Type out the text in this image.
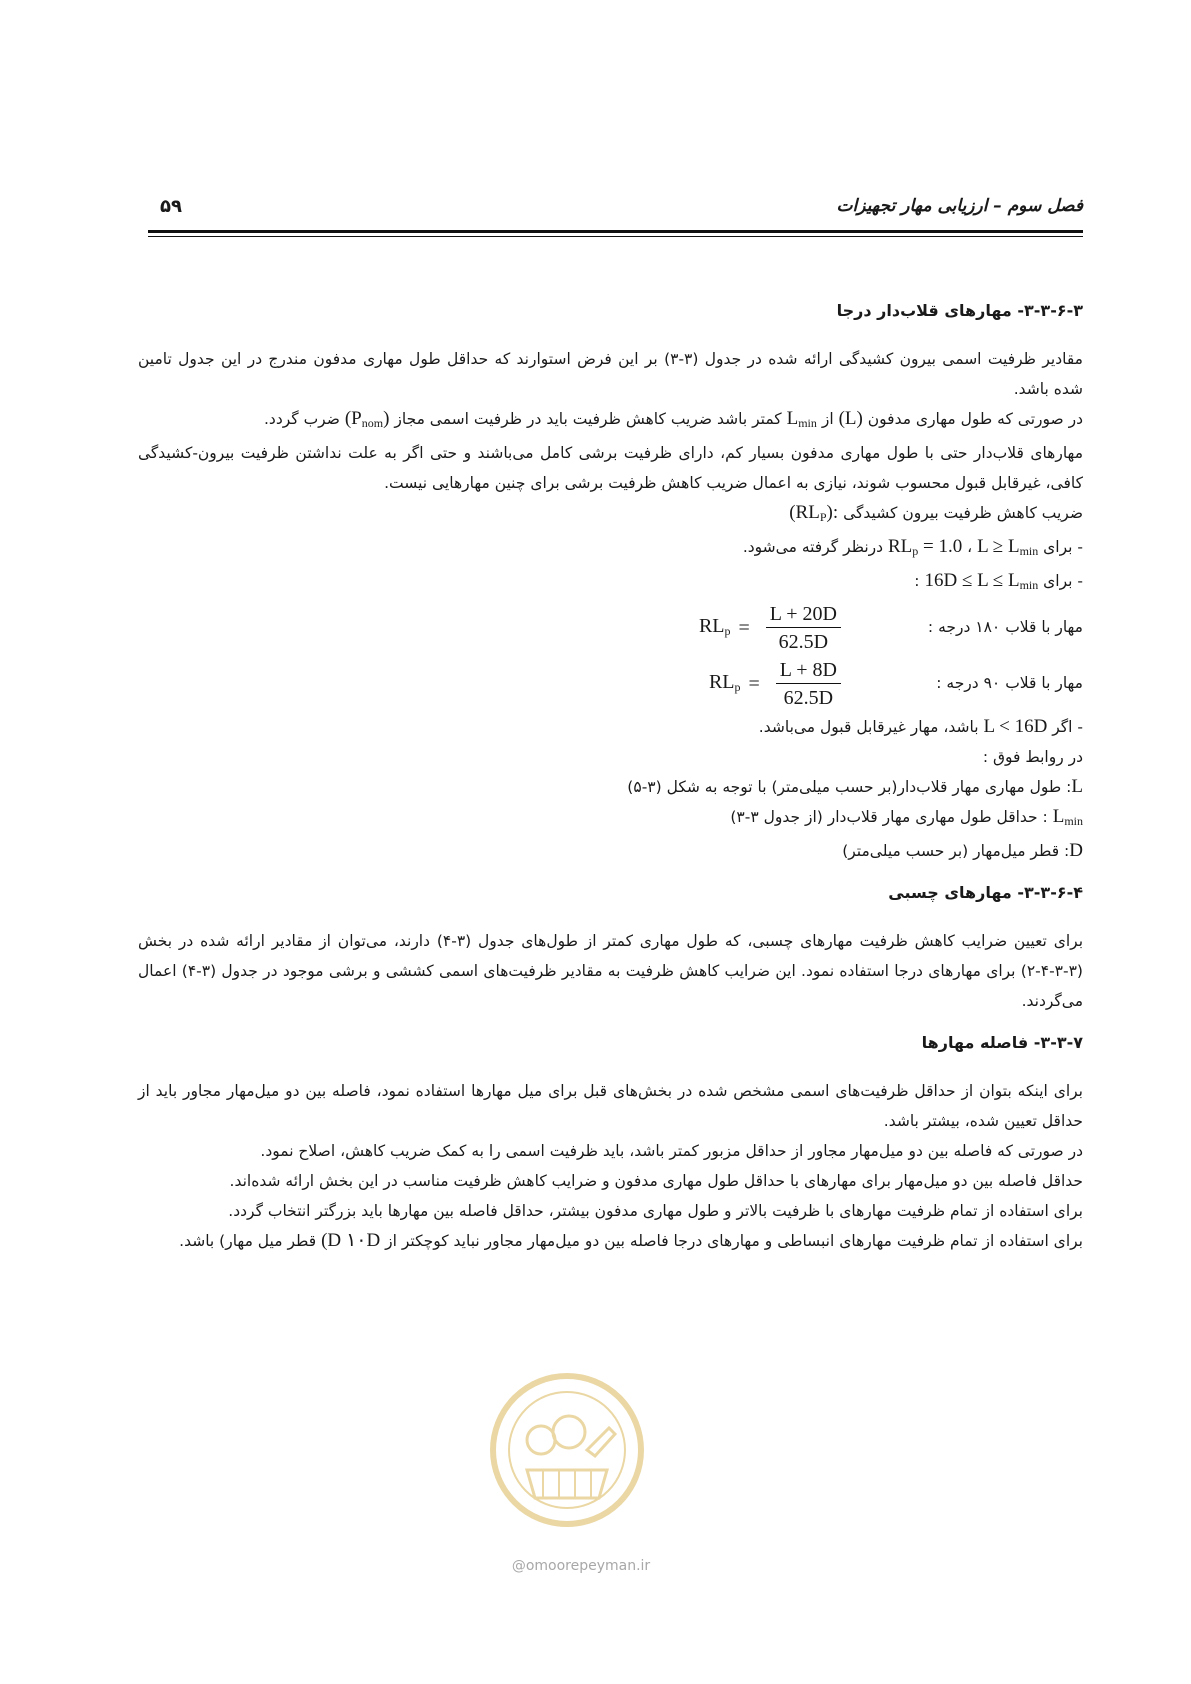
فصل سوم – ارزیابی مهار تجهیزات
۵۹
۳-۳-۶-۳- مهارهای قلاب‌دار درجا

مقادیر ظرفیت اسمی بیرون کشیدگی ارائه شده در جدول (۳-۳) بر این فرض استوارند که حداقل طول مهاری مدفون مندرج در این جدول تامین شده باشد.

در صورتی که طول مهاری مدفون (L) از $L_{min}$ کمتر باشد ضریب کاهش ظرفیت باید در ظرفیت اسمی مجاز $(P_{nom})$ ضرب گردد.

مهارهای قلاب‌دار حتی با طول مهاری مدفون بسیار کم، دارای ظرفیت برشی کامل می‌باشند و حتی اگر به علت نداشتن ظرفیت بیرون-کشیدگی کافی، غیرقابل قبول محسوب شوند، نیازی به اعمال ضریب کاهش ظرفیت برشی برای چنین مهارهایی نیست.

ضریب کاهش ظرفیت بیرون کشیدگی $(RL_P)$:

- برای $L \ge L_{min}$ ، $RL_p = 1.0$ درنظر گرفته می‌شود.

- برای $16D \le L \le L_{min}$ :

مهار با قلاب ۱۸۰ درجه :
$RL_p = \frac{L + 20D}{62.5D}$
مهار با قلاب ۹۰ درجه :
$RL_p = \frac{L + 8D}{62.5D}$

- اگر L < 16D باشد، مهار غیرقابل قبول می‌باشد.

در روابط فوق :

L: طول مهاری مهار قلاب‌دار(بر حسب میلی‌متر) با توجه به شکل (۳-۵)

$L_{min}$ : حداقل طول مهاری مهار قلاب‌دار (از جدول ۳-۳)

D: قطر میل‌مهار (بر حسب میلی‌متر)

۳-۳-۶-۴- مهارهای چسبی

برای تعیین ضرایب کاهش ظرفیت مهارهای چسبی، که طول مهاری کمتر از طول‌های جدول (۳-۴) دارند، می‌توان از مقادیر ارائه شده در بخش (۳-۳-۴-۲) برای مهارهای درجا استفاده نمود. این ضرایب کاهش ظرفیت به مقادیر ظرفیت‌های اسمی کششی و برشی موجود در جدول (۳-۴) اعمال می‌گردند.

۳-۳-۷- فاصله مهارها

برای اینکه بتوان از حداقل ظرفیت‌های اسمی مشخص شده در بخش‌های قبل برای میل مهارها استفاده نمود، فاصله بین دو میل‌مهار مجاور باید از حداقل تعیین شده، بیشتر باشد.

در صورتی که فاصله بین دو میل‌مهار مجاور از حداقل مزبور کمتر باشد، باید ظرفیت اسمی را به کمک ضریب کاهش، اصلاح نمود.

حداقل فاصله بین دو میل‌مهار برای مهارهای با حداقل طول مهاری مدفون و ضرایب کاهش ظرفیت مناسب در این بخش ارائه شده‌اند.

برای استفاده از تمام ظرفیت مهارهای با ظرفیت بالاتر و طول مهاری مدفون بیشتر، حداقل فاصله بین مهارها باید بزرگتر انتخاب گردد.

برای استفاده از تمام ظرفیت مهارهای انبساطی و مهارهای درجا فاصله بین دو میل‌مهار مجاور نباید کوچکتر از ۱۰D (D قطر میل مهار) باشد.

@omoorepeyman.ir
